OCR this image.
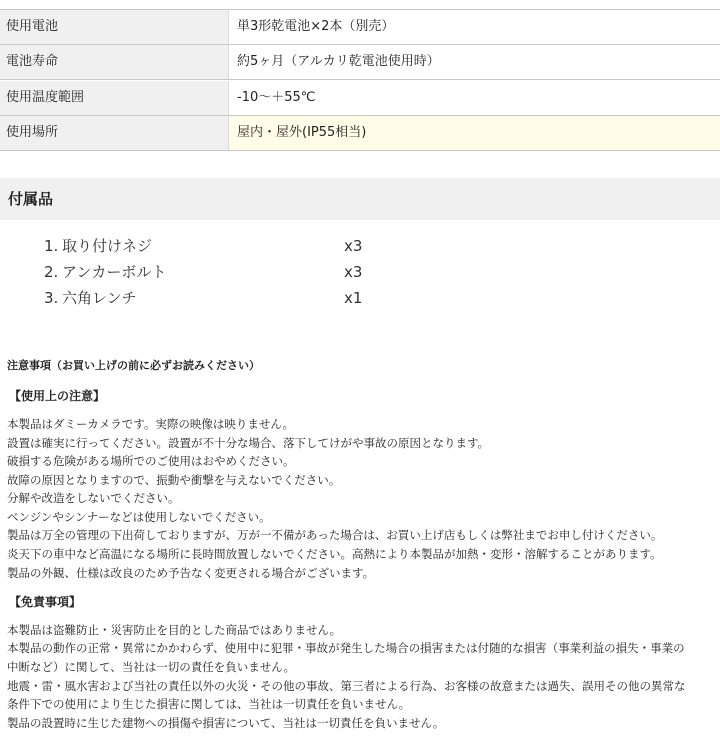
使用電池	単3形乾電池×2本（別売）
電池寿命	約5ヶ月（アルカリ乾電池使用時）
使用温度範囲	-10〜＋55℃
使用場所	屋内・屋外(IP55相当)
付属品
1. 取り付けネジ	x3
2. アンカーボルト	x3
3. 六角レンチ	x1
注意事項（お買い上げの前に必ずお読みください）
【使用上の注意】
本製品はダミーカメラです。実際の映像は映りません。
設置は確実に行ってください。設置が不十分な場合、落下してけがや事故の原因となります。
破損する危険がある場所でのご使用はおやめください。
故障の原因となりますので、振動や衝撃を与えないでください。
分解や改造をしないでください。
ベンジンやシンナーなどは使用しないでください。
製品は万全の管理の下出荷しておりますが、万が一不備があった場合は、お買い上げ店もしくは弊社までお申し付けください。
炎天下の車中など高温になる場所に長時間放置しないでください。高熱により本製品が加熱・変形・溶解することがあります。
製品の外観、仕様は改良のため予告なく変更される場合がございます。
【免責事項】
本製品は盗難防止・災害防止を目的とした商品ではありません。
本製品の動作の正常・異常にかかわらず、使用中に犯罪・事故が発生した場合の損害または付随的な損害（事業利益の損失・事業の
中断など）に関して、当社は一切の責任を負いません。
地震・雷・風水害および当社の責任以外の火災・その他の事故、第三者による行為、お客様の故意または過失、誤用その他の異常な
条件下での使用により生じた損害に関しては、当社は一切責任を負いません。
製品の設置時に生じた建物への損傷や損害について、当社は一切責任を負いません。
